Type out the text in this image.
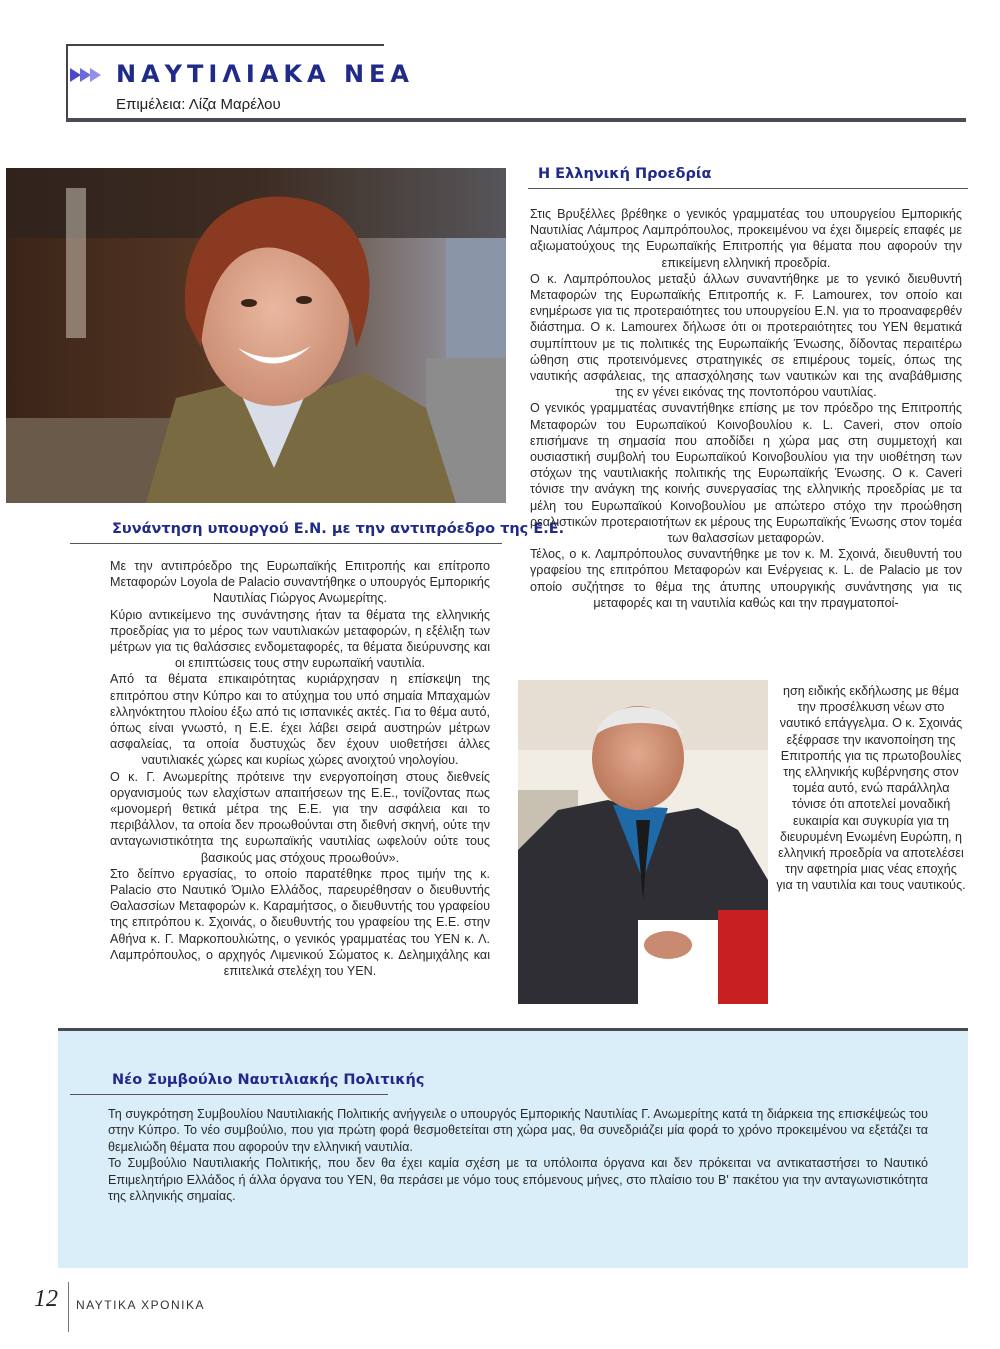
ΝΑΥΤΙΛΙΑΚΑ ΝΕΑ
Επιμέλεια: Λίζα Μαρέλου
Συνάντηση υπουργού Ε.Ν. με την αντιπρόεδρο της Ε.Ε.

Με την αντιπρόεδρο της Ευρωπαϊκής Επιτροπής και επίτροπο Μεταφορών Loyola de Palacio συναντήθηκε ο υπουργός Εμπορικής Ναυτιλίας Γιώργος Ανωμερίτης.

Κύριο αντικείμενο της συνάντησης ήταν τα θέματα της ελληνικής προεδρίας για το μέρος των ναυτιλιακών μεταφορών, η εξέλιξη των μέτρων για τις θαλάσσιες ενδομεταφορές, τα θέματα διεύρυνσης και οι επιπτώσεις τους στην ευρωπαϊκή ναυτιλία.

Από τα θέματα επικαιρότητας κυριάρχησαν η επίσκεψη της επιτρόπου στην Κύπρο και το ατύχημα του υπό σημαία Μπαχαμών ελληνόκτητου πλοίου έξω από τις ισπανικές ακτές. Για το θέμα αυτό, όπως είναι γνωστό, η Ε.Ε. έχει λάβει σειρά αυστηρών μέτρων ασφαλείας, τα οποία δυστυχώς δεν έχουν υιοθετήσει άλλες ναυτιλιακές χώρες και κυρίως χώρες ανοιχτού νηολογίου.

Ο κ. Γ. Ανωμερίτης πρότεινε την ενεργοποίηση στους διεθνείς οργανισμούς των ελαχίστων απαιτήσεων της Ε.Ε., τονίζοντας πως «μονομερή θετικά μέτρα της Ε.Ε. για την ασφάλεια και το περιβάλλον, τα οποία δεν προωθούνται στη διεθνή σκηνή, ούτε την ανταγωνιστικότητα της ευρωπαϊκής ναυτιλίας ωφελούν ούτε τους βασικούς μας στόχους προωθούν».

Στο δείπνο εργασίας, το οποίο παρατέθηκε προς τιμήν της κ. Palacio στο Ναυτικό Όμιλο Ελλάδος, παρευρέθησαν ο διευθυντής Θαλασσίων Μεταφορών κ. Καραμήτσος, ο διευθυντής του γραφείου της επιτρόπου κ. Σχοινάς, ο διευθυντής του γραφείου της Ε.Ε. στην Αθήνα κ. Γ. Μαρκοπουλιώτης, ο γενικός γραμματέας του ΥΕΝ κ. Λ. Λαμπρόπουλος, ο αρχηγός Λιμενικού Σώματος κ. Δελημιχάλης και επιτελικά στελέχη του ΥΕΝ.

Η Ελληνική Προεδρία

Στις Βρυξέλλες βρέθηκε ο γενικός γραμματέας του υπουργείου Εμπορικής Ναυτιλίας Λάμπρος Λαμπρόπουλος, προκειμένου να έχει διμερείς επαφές με αξιωματούχους της Ευρωπαϊκής Επιτροπής για θέματα που αφορούν την επικείμενη ελληνική προεδρία.

Ο κ. Λαμπρόπουλος μεταξύ άλλων συναντήθηκε με το γενικό διευθυντή Μεταφορών της Ευρωπαϊκής Επιτροπής κ. F. Lamourex, τον οποίο και ενημέρωσε για τις προτεραιότητες του υπουργείου Ε.Ν. για το προαναφερθέν διάστημα. Ο κ. Lamourex δήλωσε ότι οι προτεραιότητες του ΥΕΝ θεματικά συμπίπτουν με τις πολιτικές της Ευρωπαϊκής Ένωσης, δίδοντας περαιτέρω ώθηση στις προτεινόμενες στρατηγικές σε επιμέρους τομείς, όπως της ναυτικής ασφάλειας, της απασχόλησης των ναυτικών και της αναβάθμισης της εν γένει εικόνας της ποντοπόρου ναυτιλίας.

Ο γενικός γραμματέας συναντήθηκε επίσης με τον πρόεδρο της Επιτροπής Μεταφορών του Ευρωπαϊκού Κοινοβουλίου κ. L. Caveri, στον οποίο επισήμανε τη σημασία που αποδίδει η χώρα μας στη συμμετοχή και ουσιαστική συμβολή του Ευρωπαϊκού Κοινοβουλίου για την υιοθέτηση των στόχων της ναυτιλιακής πολιτικής της Ευρωπαϊκής Ένωσης. Ο κ. Caveri τόνισε την ανάγκη της κοινής συνεργασίας της ελληνικής προεδρίας με τα μέλη του Ευρωπαϊκού Κοινοβουλίου με απώτερο στόχο την προώθηση ρεαλιστικών προτεραιοτήτων εκ μέρους της Ευρωπαϊκής Ένωσης στον τομέα των θαλασσίων μεταφορών.

Τέλος, ο κ. Λαμπρόπουλος συναντήθηκε με τον κ. Μ. Σχοινά, διευθυντή του γραφείου της επιτρόπου Μεταφορών και Ενέργειας κ. L. de Palacio με τον οποίο συζήτησε το θέμα της άτυπης υπουργικής συνάντησης για τις μεταφορές και τη ναυτιλία καθώς και την πραγματοποί-

ηση ειδικής εκδήλωσης με θέμα την προσέλκυση νέων στο ναυτικό επάγγελμα. Ο κ. Σχοινάς εξέφρασε την ικανοποίηση της Επιτροπής για τις πρωτοβουλίες της ελληνικής κυβέρνησης στον τομέα αυτό, ενώ παράλληλα τόνισε ότι αποτελεί μοναδική ευκαιρία και συγκυρία για τη διευρυμένη Ενωμένη Ευρώπη, η ελληνική προεδρία να αποτελέσει την αφετηρία μιας νέας εποχής για τη ναυτιλία και τους ναυτικούς.
Νέο Συμβούλιο Ναυτιλιακής Πολιτικής

Τη συγκρότηση Συμβουλίου Ναυτιλιακής Πολιτικής ανήγγειλε ο υπουργός Εμπορικής Ναυτιλίας Γ. Ανωμερίτης κατά τη διάρκεια της επισκέψεώς του στην Κύπρο. Το νέο συμβούλιο, που για πρώτη φορά θεσμοθετείται στη χώρα μας, θα συνεδριάζει μία φορά το χρόνο προκειμένου να εξετάζει τα θεμελιώδη θέματα που αφορούν την ελληνική ναυτιλία.

Το Συμβούλιο Ναυτιλιακής Πολιτικής, που δεν θα έχει καμία σχέση με τα υπόλοιπα όργανα και δεν πρόκειται να αντικαταστήσει το Ναυτικό Επιμελητήριο Ελλάδος ή άλλα όργανα του ΥΕΝ, θα περάσει με νόμο τους επόμενους μήνες, στο πλαίσιο του Β' πακέτου για την ανταγωνιστικότητα της ελληνικής σημαίας.

12 ΝΑΥΤΙΚΑ ΧΡΟΝΙΚΑ
